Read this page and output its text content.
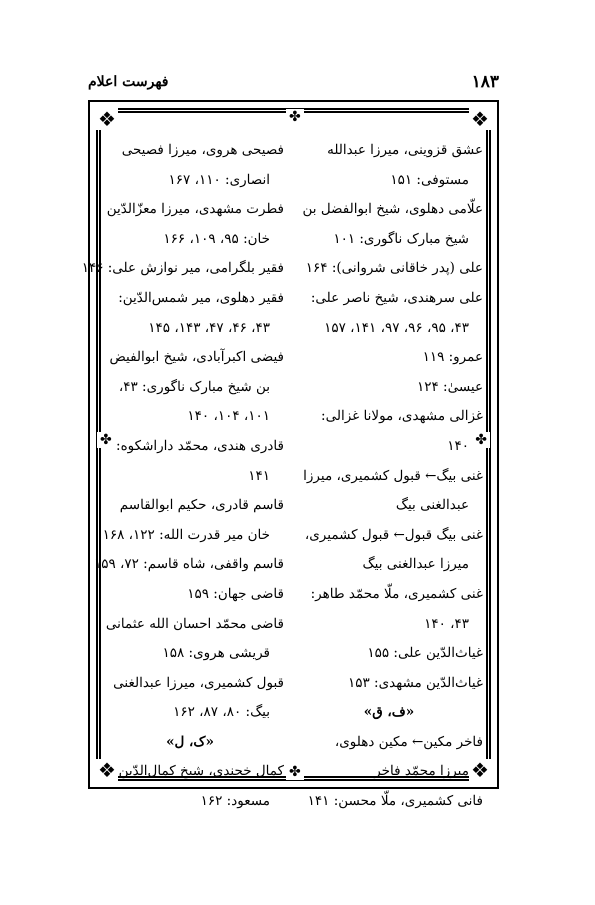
۱۸۳
فهرست اعلام
❖	❖
❖	❖
✤
✤
✤	✤
عشق قزوینی، میرزا عبدالله
مستوفی: ۱۵۱
علّامی دهلوی، شیخ ابوالفضل بن
شیخ مبارک ناگوری: ۱۰۱
علی (پدر خاقانی شروانی): ۱۶۴
علی سرهندی، شیخ ناصر علی:
۴۳، ۹۵، ۹۶، ۹۷، ۱۴۱، ۱۵۷
عمرو: ۱۱۹
عیسیٰ: ۱۲۴
غزالی مشهدی، مولانا غزالی:
۱۴۰
غنی بیگ← قبول کشمیری، میرزا
عبدالغنی بیگ
غنی بیگ قبول← قبول کشمیری،
میرزا عبدالغنی بیگ
غنی کشمیری، ملّا محمّد طاهر:
۴۳، ۱۴۰
غیاث‌الدّین علی: ۱۵۵
غیاث‌الدّین مشهدی: ۱۵۳
«ف، ق»
فاخر مکین← مکین دهلوی،
میرزا محمّد فاخر
فانی کشمیری، ملّا محسن: ۱۴۱
فصیحی هروی، میرزا فصیحی
انصاری: ۱۱۰، ۱۶۷
فطرت مشهدی، میرزا معزّالدّین
خان: ۹۵، ۱۰۹، ۱۶۶
فقیر بلگرامی، میر نوازش علی: ۱۴۶
فقیر دهلوی، میر شمس‌الدّین:
۴۳، ۴۶، ۴۷، ۱۴۳، ۱۴۵
فیضی اکبرآبادی، شیخ ابوالفیض
بن شیخ مبارک ناگوری: ۴۳،
۱۰۱، ۱۰۴، ۱۴۰
قادری هندی، محمّد داراشکوه:
۱۴۱
قاسم قادری، حکیم ابوالقاسم
خان میر قدرت الله: ۱۲۲، ۱۶۸
قاسم واقفی، شاه قاسم: ۷۲، ۱۵۹
قاضی جهان: ۱۵۹
قاضی محمّد احسان الله عثمانی
قریشی هروی: ۱۵۸
قبول کشمیری، میرزا عبدالغنی
بیگ: ۸۰، ۸۷، ۱۶۲
«ک، ل»
کمال خجندی، شیخ کمال‌الدّین
مسعود: ۱۶۲
